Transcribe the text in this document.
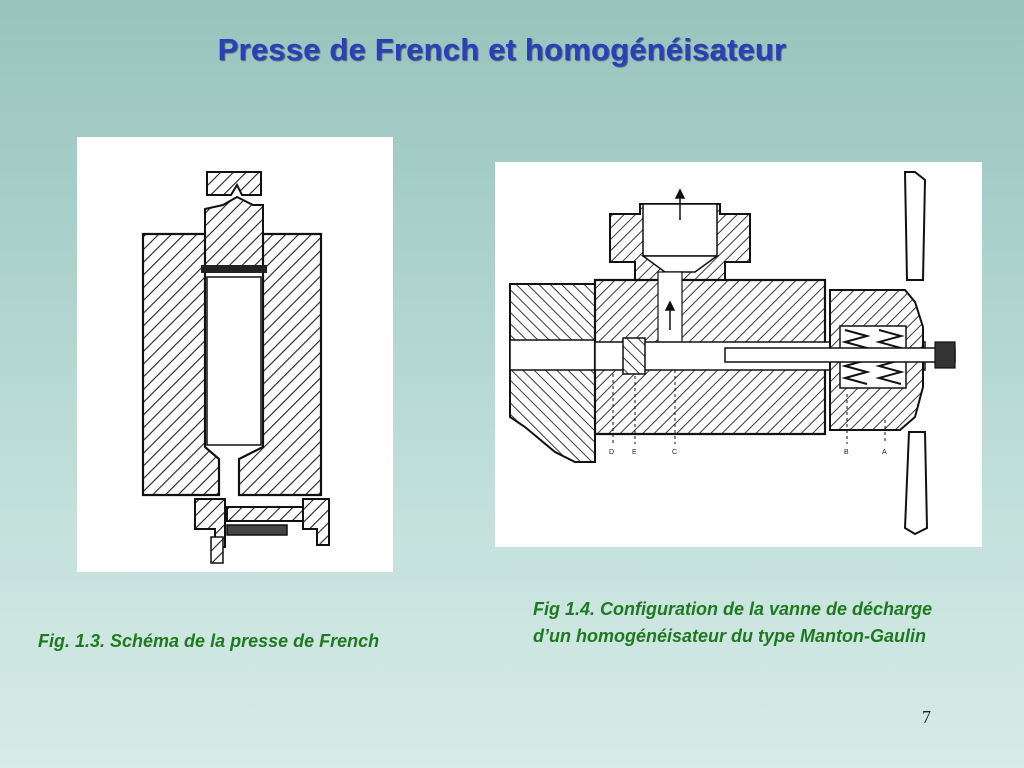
Presse de French et homogénéisateur
D	E	C	B	A
Fig. 1.3. Schéma de la presse de French
Fig 1.4. Configuration de la vanne de décharge d’un homogénéisateur du type Manton-Gaulin
7
